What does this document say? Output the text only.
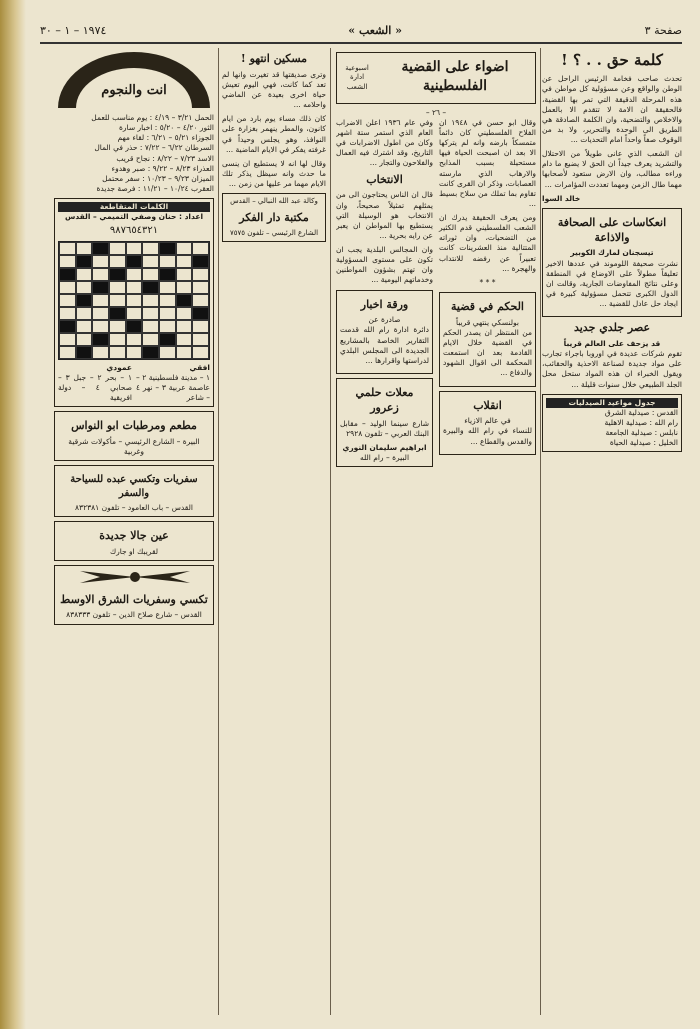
صفحة ٣
« الشعب »
١٩٧٤ – ١ – ٣٠
كلمة حق . . ؟ !

تحدث صاحب فخامة الرئيس الراحل عن الوطن والواقع وعن مسؤولية كل مواطن في هذه المرحلة الدقيقة التي تمر بها القضية، فالحقيقة ان الامة لا تتقدم الا بالعمل والاخلاص والتضحية، وان الكلمة الصادقة هي الطريق الى الوحدة والتحرير، ولا بد من الوقوف صفاً واحداً امام التحديات ...

ان الشعب الذي عانى طويلاً من الاحتلال والتشريد يعرف جيداً ان الحق لا يضيع ما دام وراءه مطالب، وان الارض ستعود لأصحابها مهما طال الزمن ومهما تعددت المؤامرات ...

خالد السوا
انعكاسات على الصحافة والاذاعة
تيسجنان لمارك الكوبير

نشرت صحيفة اللوموند في عددها الاخير تعليقاً مطولاً على الاوضاع في المنطقة وعلى نتائج المفاوضات الجارية، وقالت ان الدول الكبرى تتحمل مسؤولية كبيرة في ايجاد حل عادل للقضية ...

عصر جلدي جديد
قد يزحف على العالم قريباً

تقوم شركات عديدة في اوروبا باجراء تجارب على مواد جديدة لصناعة الاحذية والحقائب، ويقول الخبراء ان هذه المواد ستحل محل الجلد الطبيعي خلال سنوات قليلة ...

جدول مواعيد الصيدليات
القدس : صيدلية الشرق
رام الله : صيدلية الاهلية
نابلس : صيدلية الجامعة
الخليل : صيدلية الحياة
اضواء على القضية الفلسطينية
اسبوعية ادارة الشعب
– ٢٦ –

وقال ابو حسن في ١٩٤٨ ان الفلاح الفلسطيني كان دائماً متمسكاً بارضه وانه لم يتركها الا بعد ان اصبحت الحياة فيها مستحيلة بسبب المذابح والارهاب الذي مارسته العصابات، وذكر ان القرى كانت تقاوم بما تملك من سلاح بسيط ...

ومن يعرف الحقيقة يدرك ان الشعب الفلسطيني قدم الكثير من التضحيات، وان ثوراته المتتالية منذ العشرينات كانت تعبيراً عن رفضه للانتداب والهجرة ...

* * *
الحكم في قضية
بولنسكي ينتهي قريباً

من المنتظر ان يصدر الحكم في القضية خلال الايام القادمة بعد ان استمعت المحكمة الى اقوال الشهود والدفاع ...

انقلاب
في عالم الازياء

للنساء في رام الله والبيرة والقدس والقطاع ...

وفي عام ١٩٣٦ اعلن الاضراب العام الذي استمر ستة اشهر وكان من اطول الاضرابات في التاريخ، وقد اشترك فيه العمال والفلاحون والتجار ...

الانتخاب

قال ان الناس يحتاجون الى من يمثلهم تمثيلاً صحيحاً، وان الانتخاب هو الوسيلة التي يستطيع بها المواطن ان يعبر عن رايه بحرية ...

وان المجالس البلدية يجب ان تكون على مستوى المسؤولية وان تهتم بشؤون المواطنين وخدماتهم اليومية ...

ورقة اخبار
صادرة عن

دائرة ادارة رام الله قدمت التقارير الخاصة بالمشاريع الجديدة الى المجلس البلدي لدراستها واقرارها ...

معلات حلمي زعرور

شارع سينما الوليد – مقابل البنك العربي – تلفون ٢٩٢٨

ابراهيم سليمان النوري
البيرة – رام الله
مسكين انتهو !

وترى صديقتها قد تغيرت وانها لم تعد كما كانت، فهي اليوم تعيش حياة اخرى بعيدة عن الماضي واحلامه ...

كان ذلك مساء يوم بارد من ايام كانون، والمطر ينهمر بغزارة على النوافذ، وهو يجلس وحيداً في غرفته يفكر في الايام الماضية ...

وقال لها انه لا يستطيع ان ينسى ما حدث وانه سيظل يذكر تلك الايام مهما مر عليها من زمن ...

وكالة عبد الله النبالي – القدس
مكتبة دار الفكر
الشارع الرئيسي – تلفون ٧٥٧٥
انت والنجوم
الحمل ٣/٢١ – ٤/١٩ : يوم مناسب للعمل
الثور ٤/٢٠ – ٥/٢٠ : اخبار سارة
الجوزاء ٥/٢١ – ٦/٢١ : لقاء مهم
السرطان ٦/٢٢ – ٧/٢٢ : حذر في المال
الاسد ٧/٢٣ – ٨/٢٢ : نجاح قريب
العذراء ٨/٢٣ – ٩/٢٢ : صبر وهدوء
الميزان ٩/٢٣ – ١٠/٢٣ : سفر محتمل
العقرب ١٠/٢٤ – ١١/٢١ : فرصة جديدة
الكلمات المتقاطعة
اعداد : حنان وصفي التميمي – القدس
٩٨٧٦٥٤٣٢١
افقي
١ – مدينة فلسطينية ٢ – عاصمة عربية ٣ – نهر ٤ – شاعر
عمودي
١ – بحر ٢ – جبل ٣ – صحابي ٤ – دولة افريقية
مطعم ومرطبات ابو النواس
البيرة – الشارع الرئيسي – مأكولات شرقية وغربية
سفريات وتكسي عبده للسياحة والسفر
القدس – باب العامود – تلفون ٨٣٢٣٨١
عين جالا جديدة
لقريبك او جارك
تكسي وسفريات الشرق الاوسط
القدس – شارع صلاح الدين – تلفون ٨٣٨٣٣٣
